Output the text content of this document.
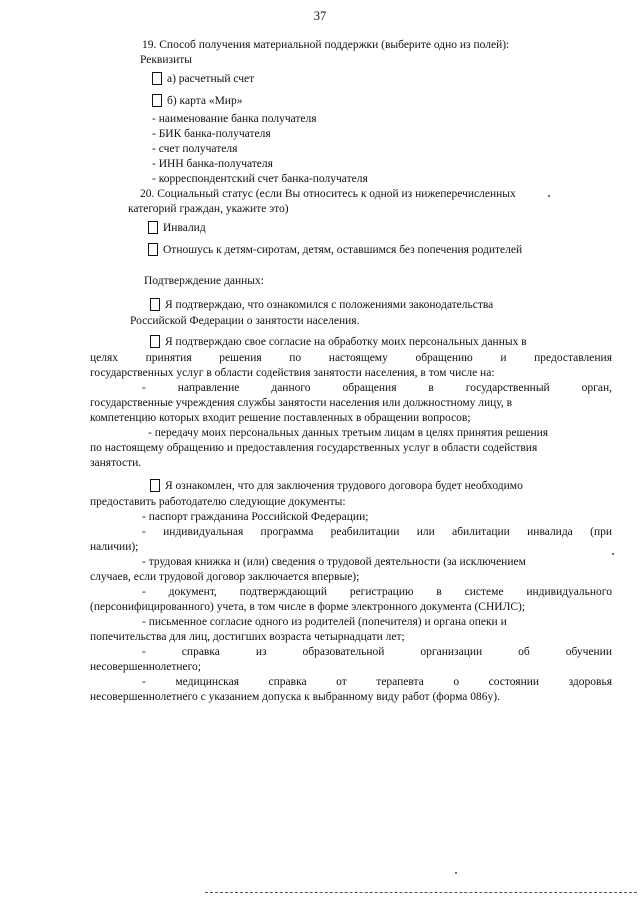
37
19. Способ получения материальной поддержки (выберите одно из полей):
Реквизиты
а) расчетный счет
б) карта «Мир»
- наименование банка получателя
- БИК банка-получателя
- счет получателя
- ИНН банка-получателя
- корреспондентский счет банка-получателя
20. Социальный статус (если Вы относитесь к одной из нижеперечисленных
категорий граждан, укажите это)
Инвалид
Отношусь к детям-сиротам, детям, оставшимся без попечения родителей
Подтверждение данных:
Я подтверждаю, что ознакомился с положениями законодательства
Российской Федерации о занятости населения.
Я подтверждаю свое согласие на обработку моих персональных данных в
целях принятия решения по настоящему обращению и предоставления
государственных услуг в области содействия занятости населения, в том числе на:
- направление данного обращения в государственный орган,
государственные учреждения службы занятости населения или должностному лицу, в
компетенцию которых входит решение поставленных в обращении вопросов;
- передачу моих персональных данных третьим лицам в целях принятия решения
по настоящему обращению и предоставления государственных услуг в области содействия
занятости.
Я ознакомлен, что для заключения трудового договора будет необходимо
предоставить работодателю следующие документы:
- паспорт гражданина Российской Федерации;
- индивидуальная программа реабилитации или абилитации инвалида (при
наличии);
- трудовая книжка и (или) сведения о трудовой деятельности (за исключением
случаев, если трудовой договор заключается впервые);
- документ, подтверждающий регистрацию в системе индивидуального
(персонифицированного) учета, в том числе в форме электронного документа (СНИЛС);
- письменное согласие одного из родителей (попечителя) и органа опеки и
попечительства для лиц, достигших возраста четырнадцати лет;
- справка из образовательной организации об обучении
несовершеннолетнего;
- медицинская справка от терапевта о состоянии здоровья
несовершеннолетнего с указанием допуска к выбранному виду работ (форма 086у).
